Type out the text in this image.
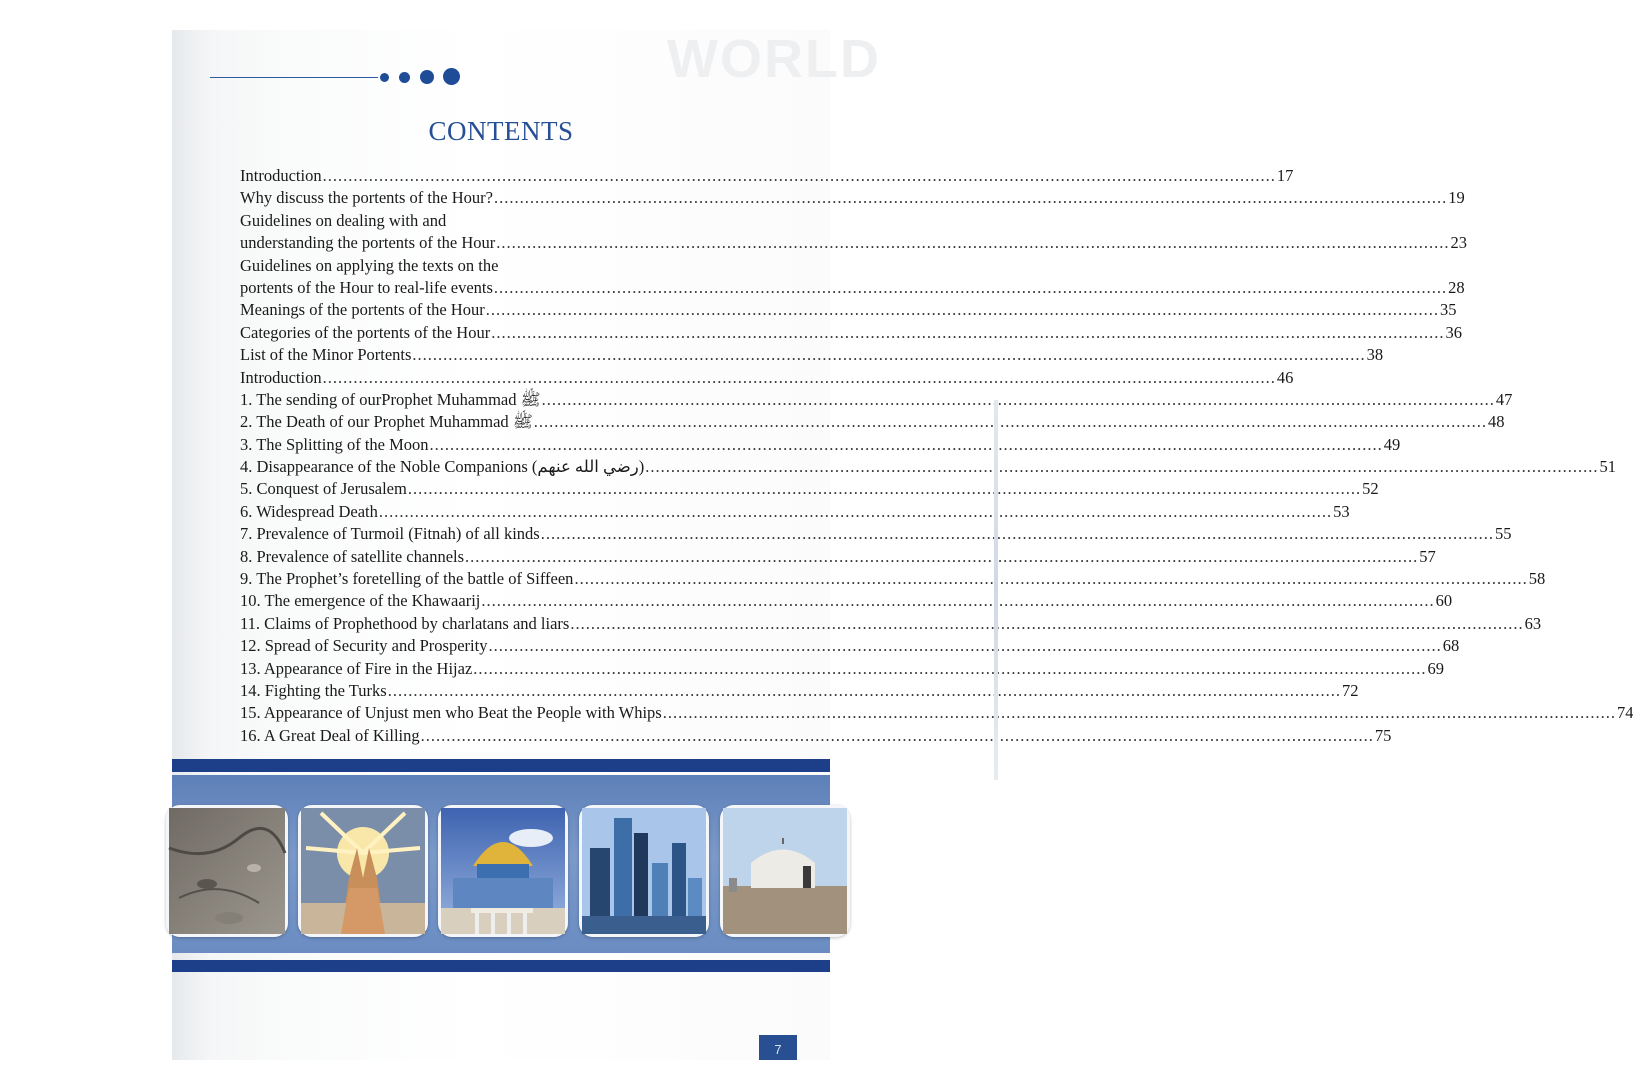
WORLD
CONTENTS
Introduction .....	17
Why discuss the portents of the Hour? .....	19
Guidelines on dealing with and
understanding the portents of the Hour .....	23
Guidelines on applying the texts on the
portents of the Hour to real-life events .....	28
Meanings of the portents of the Hour .....	35
Categories of the portents of the Hour .....	36
List of the Minor Portents .....	38
Introduction .....	46
1. The sending of ourProphet Muhammad ﷺ .....	47
2. The Death of our Prophet Muhammad ﷺ .....	48
3. The Splitting of the Moon .....	49
4. Disappearance of the Noble Companions (رضي الله عنهم) .....	51
5. Conquest of Jerusalem .....	52
6. Widespread Death .....	53
7. Prevalence of Turmoil (Fitnah) of all kinds .....	55
8. Prevalence of satellite channels .....	57
9. The Prophet’s foretelling of the battle of Siffeen .....	58
10. The emergence of the Khawaarij .....	60
11. Claims of Prophethood by charlatans and liars .....	63
12. Spread of Security and Prosperity .....	68
13. Appearance of Fire in the Hijaz .....	69
14. Fighting the Turks .....	72
15. Appearance of Unjust men who Beat the People with Whips .....	74
16. A Great Deal of Killing .....	75
7
